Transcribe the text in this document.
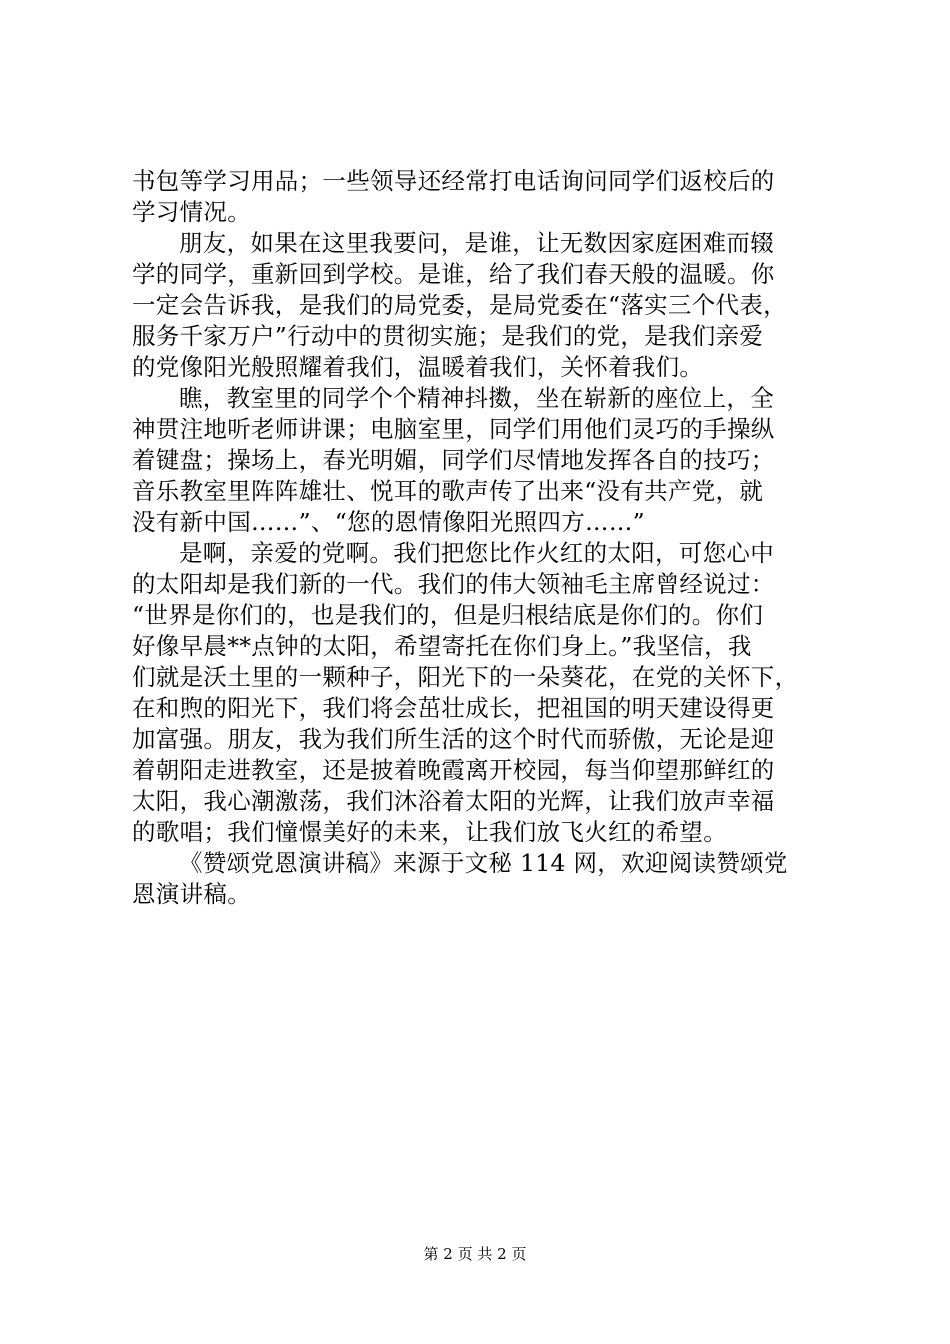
书包等学习用品；一些领导还经常打电话询问同学们返校后的
学习情况。
朋友，如果在这里我要问，是谁，让无数因家庭困难而辍
学的同学，重新回到学校。是谁，给了我们春天般的温暖。你
一定会告诉我，是我们的局党委，是局党委在“落实三个代表，
服务千家万户”行动中的贯彻实施；是我们的党，是我们亲爱
的党像阳光般照耀着我们，温暖着我们，关怀着我们。
瞧，教室里的同学个个精神抖擞，坐在崭新的座位上，全
神贯注地听老师讲课；电脑室里，同学们用他们灵巧的手操纵
着键盘；操场上，春光明媚，同学们尽情地发挥各自的技巧；
音乐教室里阵阵雄壮、悦耳的歌声传了出来“没有共产党，就
没有新中国……”、“您的恩情像阳光照四方……”
是啊，亲爱的党啊。我们把您比作火红的太阳，可您心中
的太阳却是我们新的一代。我们的伟大领袖毛主席曾经说过：
“世界是你们的，也是我们的，但是归根结底是你们的。你们
好像早晨**点钟的太阳，希望寄托在你们身上。”我坚信，我
们就是沃土里的一颗种子，阳光下的一朵葵花，在党的关怀下，
在和煦的阳光下，我们将会茁壮成长，把祖国的明天建设得更
加富强。朋友，我为我们所生活的这个时代而骄傲，无论是迎
着朝阳走进教室，还是披着晚霞离开校园，每当仰望那鲜红的
太阳，我心潮激荡，我们沐浴着太阳的光辉，让我们放声幸福
的歌唱；我们憧憬美好的未来，让我们放飞火红的希望。
《赞颂党恩演讲稿》来源于文秘 114 网，欢迎阅读赞颂党
恩演讲稿。
第 2 页 共 2 页
